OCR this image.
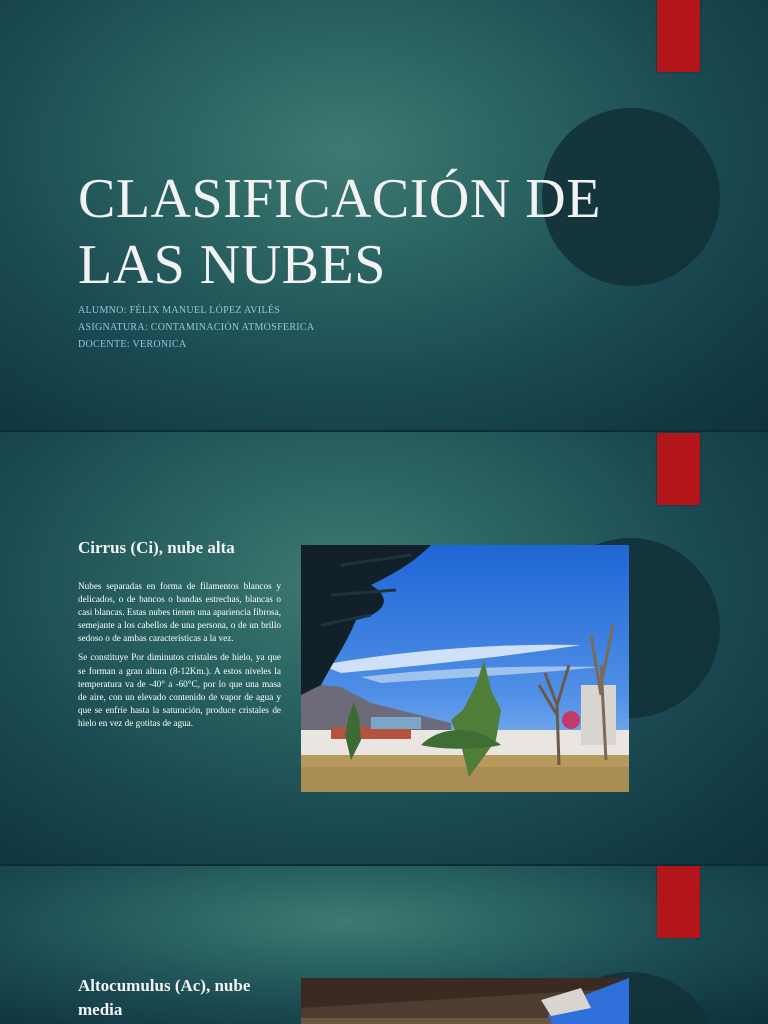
CLASIFICACIÓN DE
LAS NUBES
ALUMNO: FÉLIX MANUEL LÓPEZ AVILÉS
ASIGNATURA: CONTAMINACIÓN ATMOSFERICA
DOCENTE: VERONICA
Cirrus (Ci), nube alta

Nubes separadas en forma de filamentos blancos y delicados, o de bancos o bandas estrechas, blancas o casi blancas. Estas nubes tienen una apariencia fibrosa, semejante a los cabellos de una persona, o de un brillo sedoso o de ambas características a la vez.

Se constituye Por diminutos cristales de hielo, ya que se forman a gran altura (8-12Km.). A estos niveles la temperatura va de -40° a -60°C, por lo que una masa de aire, con un elevado contenido de vapor de agua y que se enfríe hasta la saturación, produce cristales de hielo en vez de gotitas de agua.

Altocumulus (Ac), nube media
